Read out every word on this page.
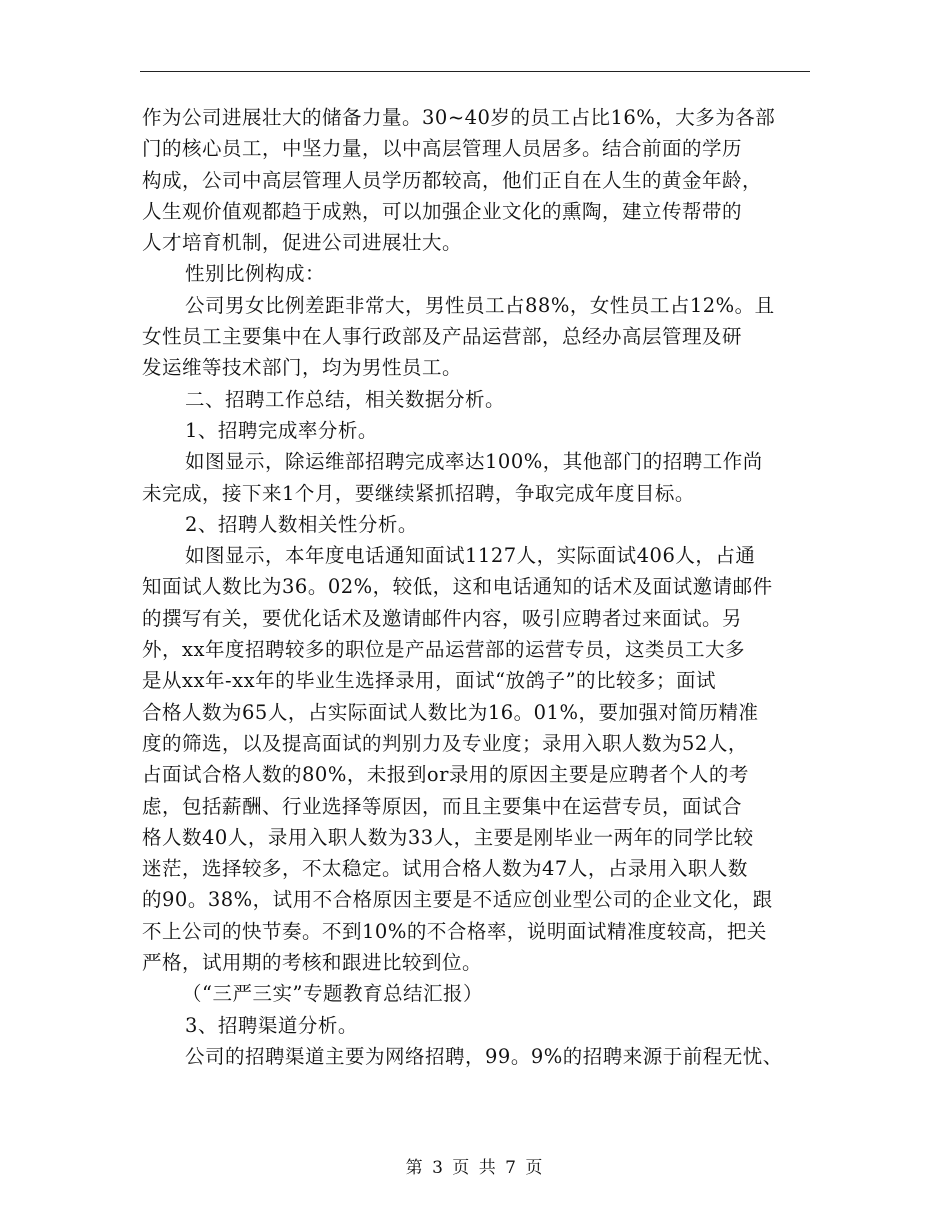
作为公司进展壮大的储备力量。30~40岁的员工占比16%，大多为各部
门的核心员工，中坚力量，以中高层管理人员居多。结合前面的学历
构成，公司中高层管理人员学历都较高，他们正自在人生的黄金年龄，
人生观价值观都趋于成熟，可以加强企业文化的熏陶，建立传帮带的
人才培育机制，促进公司进展壮大。

性别比例构成：

公司男女比例差距非常大，男性员工占88%，女性员工占12%。且
女性员工主要集中在人事行政部及产品运营部，总经办高层管理及研
发运维等技术部门，均为男性员工。

二、招聘工作总结，相关数据分析。

1、招聘完成率分析。

如图显示，除运维部招聘完成率达100%，其他部门的招聘工作尚
未完成，接下来1个月，要继续紧抓招聘，争取完成年度目标。

2、招聘人数相关性分析。

如图显示，本年度电话通知面试1127人，实际面试406人，占通
知面试人数比为36。02%，较低，这和电话通知的话术及面试邀请邮件
的撰写有关，要优化话术及邀请邮件内容，吸引应聘者过来面试。另
外，xx年度招聘较多的职位是产品运营部的运营专员，这类员工大多
是从xx年-xx年的毕业生选择录用，面试“放鸽子”的比较多；面试
合格人数为65人，占实际面试人数比为16。01%，要加强对简历精准
度的筛选，以及提高面试的判别力及专业度；录用入职人数为52人，
占面试合格人数的80%，未报到or录用的原因主要是应聘者个人的考
虑，包括薪酬、行业选择等原因，而且主要集中在运营专员，面试合
格人数40人，录用入职人数为33人，主要是刚毕业一两年的同学比较
迷茫，选择较多，不太稳定。试用合格人数为47人，占录用入职人数
的90。38%，试用不合格原因主要是不适应创业型公司的企业文化，跟
不上公司的快节奏。不到10%的不合格率，说明面试精准度较高，把关
严格，试用期的考核和跟进比较到位。

（“三严三实”专题教育总结汇报）

3、招聘渠道分析。

公司的招聘渠道主要为网络招聘，99。9%的招聘来源于前程无忧、

第 3 页 共 7 页
